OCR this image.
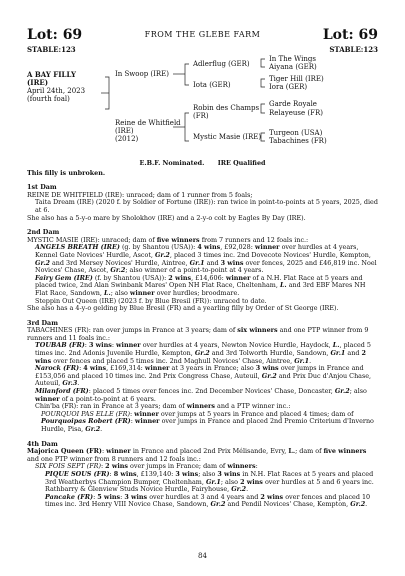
Lot: 69	FROM THE GLEBE FARM	Lot: 69
STABLE:123	STABLE:123
A BAY FILLY
(IRE)
April 24th, 2023
(fourth foal)
In Swoop (IRE)
Reine de Whitfield
(IRE)
(2012)
Adlerflug (GER)
Iota (GER)
Robin des Champs
(FR)
Mystic Masie (IRE)
In The Wings
Aiyana (GER)
Tiger Hill (IRE)
Iora (GER)
Garde Royale
Relayeuse (FR)
Turgeon (USA)
Tabachines (FR)
E.B.F. Nominated. IRE Qualified
This filly is unbroken.
1st Dam
REINE DE WHITFIELD (IRE): unraced; dam of 1 runner from 5 foals;
Taita Dream (IRE) (2020 f. by Soldier of Fortune (IRE)): ran twice in point-to-points at 5 years, 2025, died at 6.
She also has a 5-y-o mare by Sholokhov (IRE) and a 2-y-o colt by Eagles By Day (IRE).
2nd Dam
MYSTIC MASIE (IRE): unraced; dam of five winners from 7 runners and 12 foals inc.:
ANGELS BREATH (IRE) (g. by Shantou (USA)): 4 wins, £92,028: winner over hurdles at 4 years, Kennel Gate Novices' Hurdle, Ascot, Gr.2, placed 3 times inc. 2nd Dovecote Novices' Hurdle, Kempton, Gr.2 and 3rd Mersey Novices' Hurdle, Aintree, Gr.1 and 3 wins over fences, 2025 and £46,819 inc. Noel Novices' Chase, Ascot, Gr.2; also winner of a point-to-point at 4 years.
Fairy Gem (IRE) (f. by Shantou (USA)): 2 wins, £14,606: winner of a N.H. Flat Race at 5 years and placed twice, 2nd Alan Swinbank Mares' Open NH Flat Race, Cheltenham, L. and 3rd EBF Mares NH Flat Race, Sandown, L.; also winner over hurdles; broodmare.
Steppin Out Queen (IRE) (2023 f. by Blue Bresil (FR)): unraced to date.
She also has a 4-y-o gelding by Blue Bresil (FR) and a yearling filly by Order of St George (IRE).
3rd Dam
TABACHINES (FR): ran over jumps in France at 3 years; dam of six winners and one PTP winner from 9 runners and 11 foals inc.:
TOUBAB (FR): 3 wins: winner over hurdles at 4 years, Newton Novice Hurdle, Haydock, L., placed 5 times inc. 2nd Adonis Juvenile Hurdle, Kempton, Gr.2 and 3rd Tolworth Hurdle, Sandown, Gr.1 and 2 wins over fences and placed 5 times inc. 2nd Maghull Novices' Chase, Aintree, Gr.1.
Narock (FR): 4 wins, £169,314: winner at 3 years in France; also 3 wins over jumps in France and £153,056 and placed 10 times inc. 2nd Prix Congress Chase, Auteuil, Gr.2 and Prix Duc d'Anjou Chase, Auteuil, Gr.3.
Milanford (FR): placed 5 times over fences inc. 2nd December Novices' Chase, Doncaster, Gr.2; also winner of a point-to-point at 6 years.
Chin'ba (FR): ran in France at 3 years; dam of winners and a PTP winner inc.:
POURQUOI PAS ELLE (FR): winner over jumps at 5 years in France and placed 4 times; dam of Pourquoipas Robert (FR): winner over jumps in France and placed 2nd Premio Criterium d'Inverno Hurdle, Pisa, Gr.2.
4th Dam
Majorica Queen (FR): winner in France and placed 2nd Prix Mélisande, Evry, L.; dam of five winners and one PTP winner from 8 runners and 12 foals inc.:
SIX FOIS SEPT (FR): 2 wins over jumps in France; dam of winners:
PIQUE SOUS (FR): 8 wins, £139,140: 3 wins; also 3 wins in N.H. Flat Races at 5 years and placed 3rd Weatherbys Champion Bumper, Cheltenham, Gr.1; also 2 wins over hurdles at 5 and 6 years inc. Rathbarry & Glenview Studs Novice Hurdle, Fairyhouse, Gr.2.
Pancake (FR): 5 wins: 3 wins over hurdles at 3 and 4 years and 2 wins over fences and placed 10 times inc. 3rd Henry VIII Novice Chase, Sandown, Gr.2 and Pendil Novices' Chase, Kempton, Gr.2.
84
